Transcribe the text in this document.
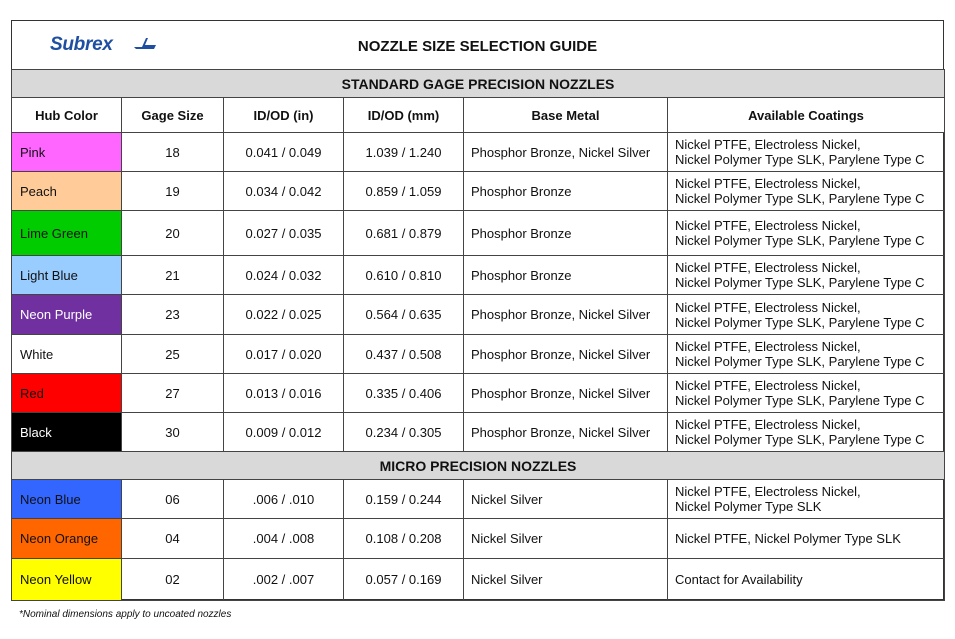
Subrex	NOZZLE SIZE SELECTION GUIDE
STANDARD GAGE PRECISION NOZZLES					
Hub Color	Gage Size	ID/OD (in)	ID/OD (mm)	Base Metal	Available Coatings
Pink	18	0.041 / 0.049	1.039 / 1.240	Phosphor Bronze, Nickel Silver	Nickel PTFE, Electroless Nickel,
Nickel Polymer Type SLK, Parylene Type C

Peach	19	0.034 / 0.042	0.859 / 1.059	Phosphor Bronze	Nickel PTFE, Electroless Nickel,
Nickel Polymer Type SLK, Parylene Type C

Lime Green	20	0.027 / 0.035	0.681 / 0.879	Phosphor Bronze	Nickel PTFE, Electroless Nickel,
Nickel Polymer Type SLK, Parylene Type C

Light Blue	21	0.024 / 0.032	0.610 / 0.810	Phosphor Bronze	Nickel PTFE, Electroless Nickel,
Nickel Polymer Type SLK, Parylene Type C

Neon Purple	23	0.022 / 0.025	0.564 / 0.635	Phosphor Bronze, Nickel Silver	Nickel PTFE, Electroless Nickel,
Nickel Polymer Type SLK, Parylene Type C

White	25	0.017 / 0.020	0.437 / 0.508	Phosphor Bronze, Nickel Silver	Nickel PTFE, Electroless Nickel,
Nickel Polymer Type SLK, Parylene Type C

Red	27	0.013 / 0.016	0.335 / 0.406	Phosphor Bronze, Nickel Silver	Nickel PTFE, Electroless Nickel,
Nickel Polymer Type SLK, Parylene Type C

Black	30	0.009 / 0.012	0.234 / 0.305	Phosphor Bronze, Nickel Silver	Nickel PTFE, Electroless Nickel,
Nickel Polymer Type SLK, Parylene Type C

MICRO PRECISION NOZZLES					
Neon Blue	06	.006 / .010	0.159 / 0.244	Nickel Silver	Nickel PTFE, Electroless Nickel,
Nickel Polymer Type SLK

Neon Orange	04	.004 / .008	0.108 / 0.208	Nickel Silver	Nickel PTFE, Nickel Polymer Type SLK

Neon Yellow	02	.002 / .007	0.057 / 0.169	Nickel Silver	Contact for Availability
*Nominal dimensions apply to uncoated nozzles
